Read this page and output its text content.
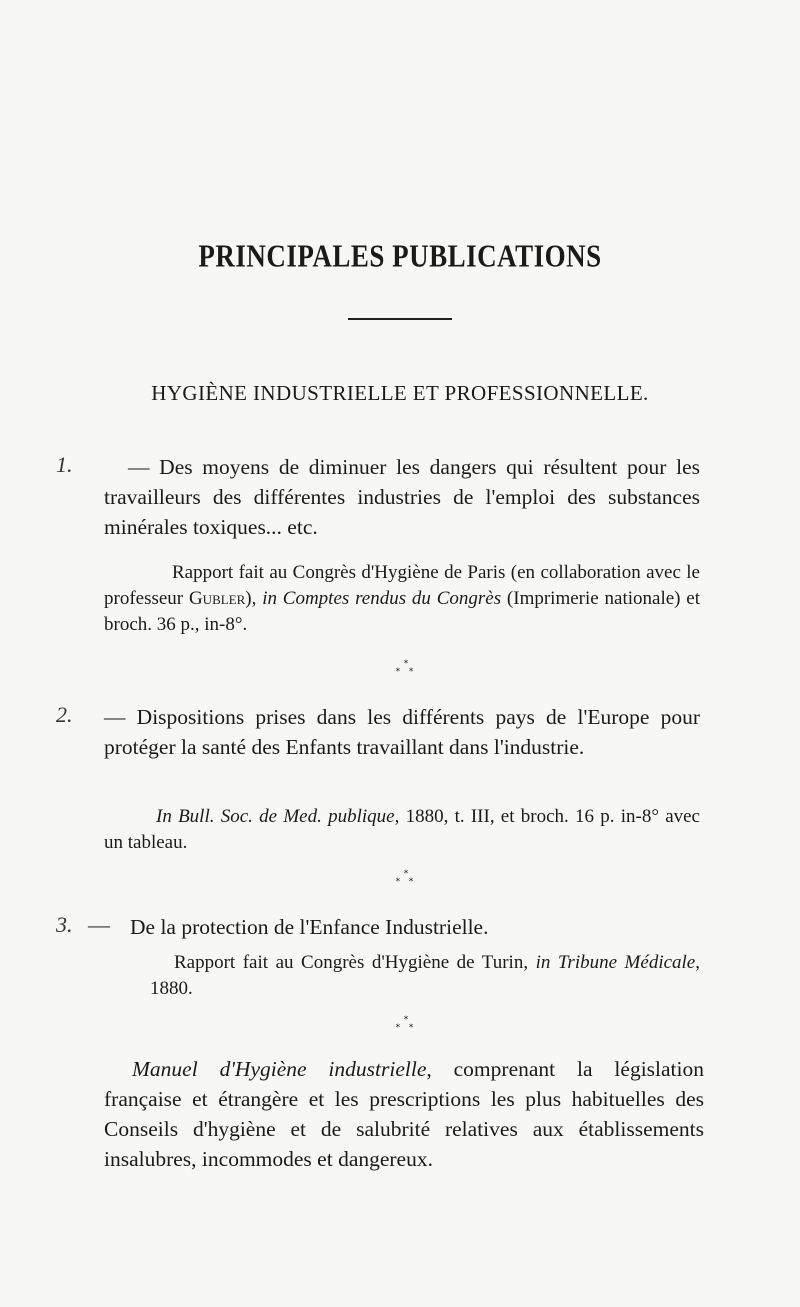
PRINCIPALES PUBLICATIONS
HYGIÈNE INDUSTRIELLE ET PROFESSIONNELLE.
1.	— Des moyens de diminuer les dangers qui résultent pour les travailleurs des différentes industries de l'emploi des substances minérales toxiques... etc.
Rapport fait au Congrès d'Hygiène de Paris (en collaboration avec le professeur Gubler), in Comptes rendus du Congrès (Imprimerie nationale) et broch. 36 p., in-8°.
*
* *
2. — Dispositions prises dans les différents pays de l'Europe pour protéger la santé des Enfants travaillant dans l'industrie.
In Bull. Soc. de Med. publique, 1880, t. III, et broch. 16 p. in-8° avec un tableau.
*
* *
3. — De la protection de l'Enfance Industrielle.
Rapport fait au Congrès d'Hygiène de Turin, in Tribune Médicale, 1880.
*
* *
Manuel d'Hygiène industrielle, comprenant la législation française et étrangère et les prescriptions les plus habituelles des Conseils d'hygiène et de salubrité relatives aux établissements insalubres, incommodes et dangereux.
